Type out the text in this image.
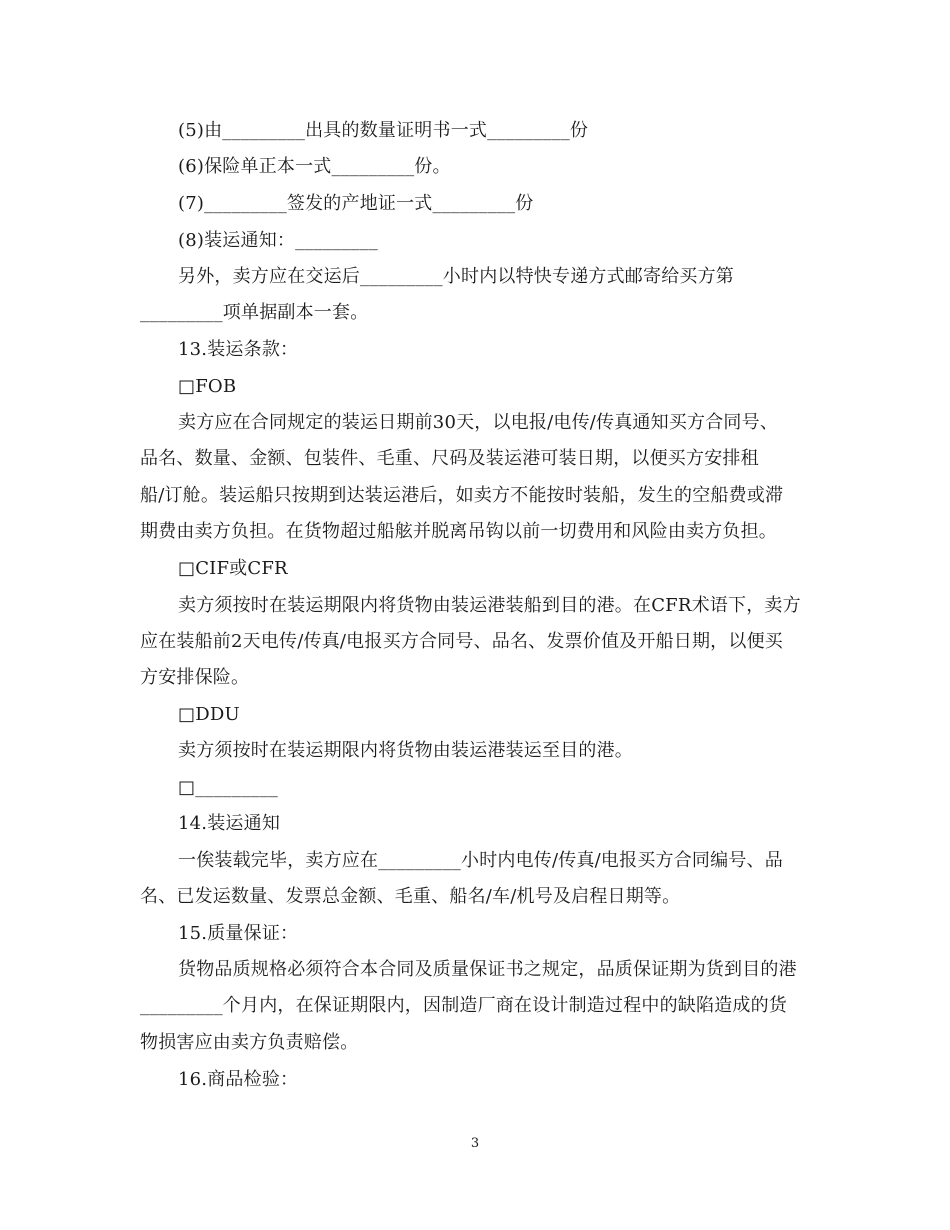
(5)由_________出具的数量证明书一式_________份
(6)保险单正本一式_________份。
(7)_________签发的产地证一式_________份
(8)装运通知：_________
另外，卖方应在交运后_________小时内以特快专递方式邮寄给买方第
_________项单据副本一套。
13.装运条款：
□FOB
卖方应在合同规定的装运日期前30天，以电报/电传/传真通知买方合同号、
品名、数量、金额、包装件、毛重、尺码及装运港可装日期，以便买方安排租
船/订舱。装运船只按期到达装运港后，如卖方不能按时装船，发生的空船费或滞
期费由卖方负担。在货物超过船舷并脱离吊钩以前一切费用和风险由卖方负担。
□CIF或CFR
卖方须按时在装运期限内将货物由装运港装船到目的港。在CFR术语下，卖方
应在装船前2天电传/传真/电报买方合同号、品名、发票价值及开船日期，以便买
方安排保险。
□DDU
卖方须按时在装运期限内将货物由装运港装运至目的港。
□_________
14.装运通知
一俟装载完毕，卖方应在_________小时内电传/传真/电报买方合同编号、品
名、已发运数量、发票总金额、毛重、船名/车/机号及启程日期等。
15.质量保证：
货物品质规格必须符合本合同及质量保证书之规定，品质保证期为货到目的港
_________个月内，在保证期限内，因制造厂商在设计制造过程中的缺陷造成的货
物损害应由卖方负责赔偿。
16.商品检验：
3
